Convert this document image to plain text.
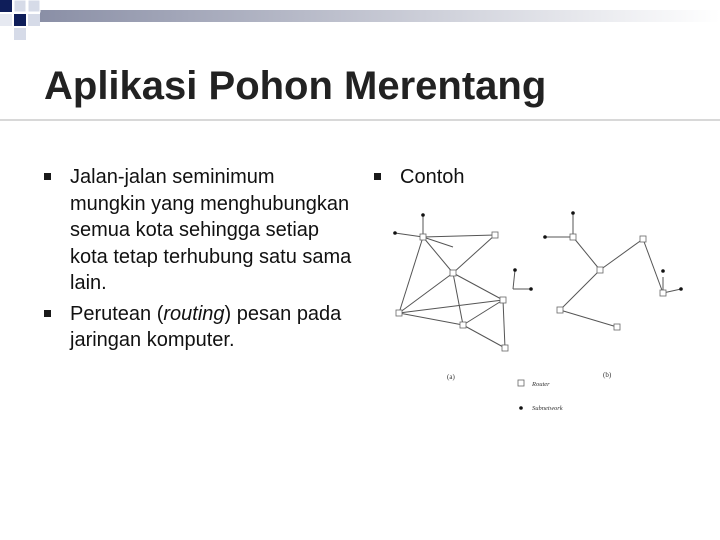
Aplikasi Pohon Merentang
Jalan-jalan seminimum mungkin yang menghubungkan semua kota sehingga setiap kota tetap terhubung satu sama lain.
Perutean (routing) pesan pada jaringan komputer.
Contoh
(a)	(b)
Router
Subnetwork
